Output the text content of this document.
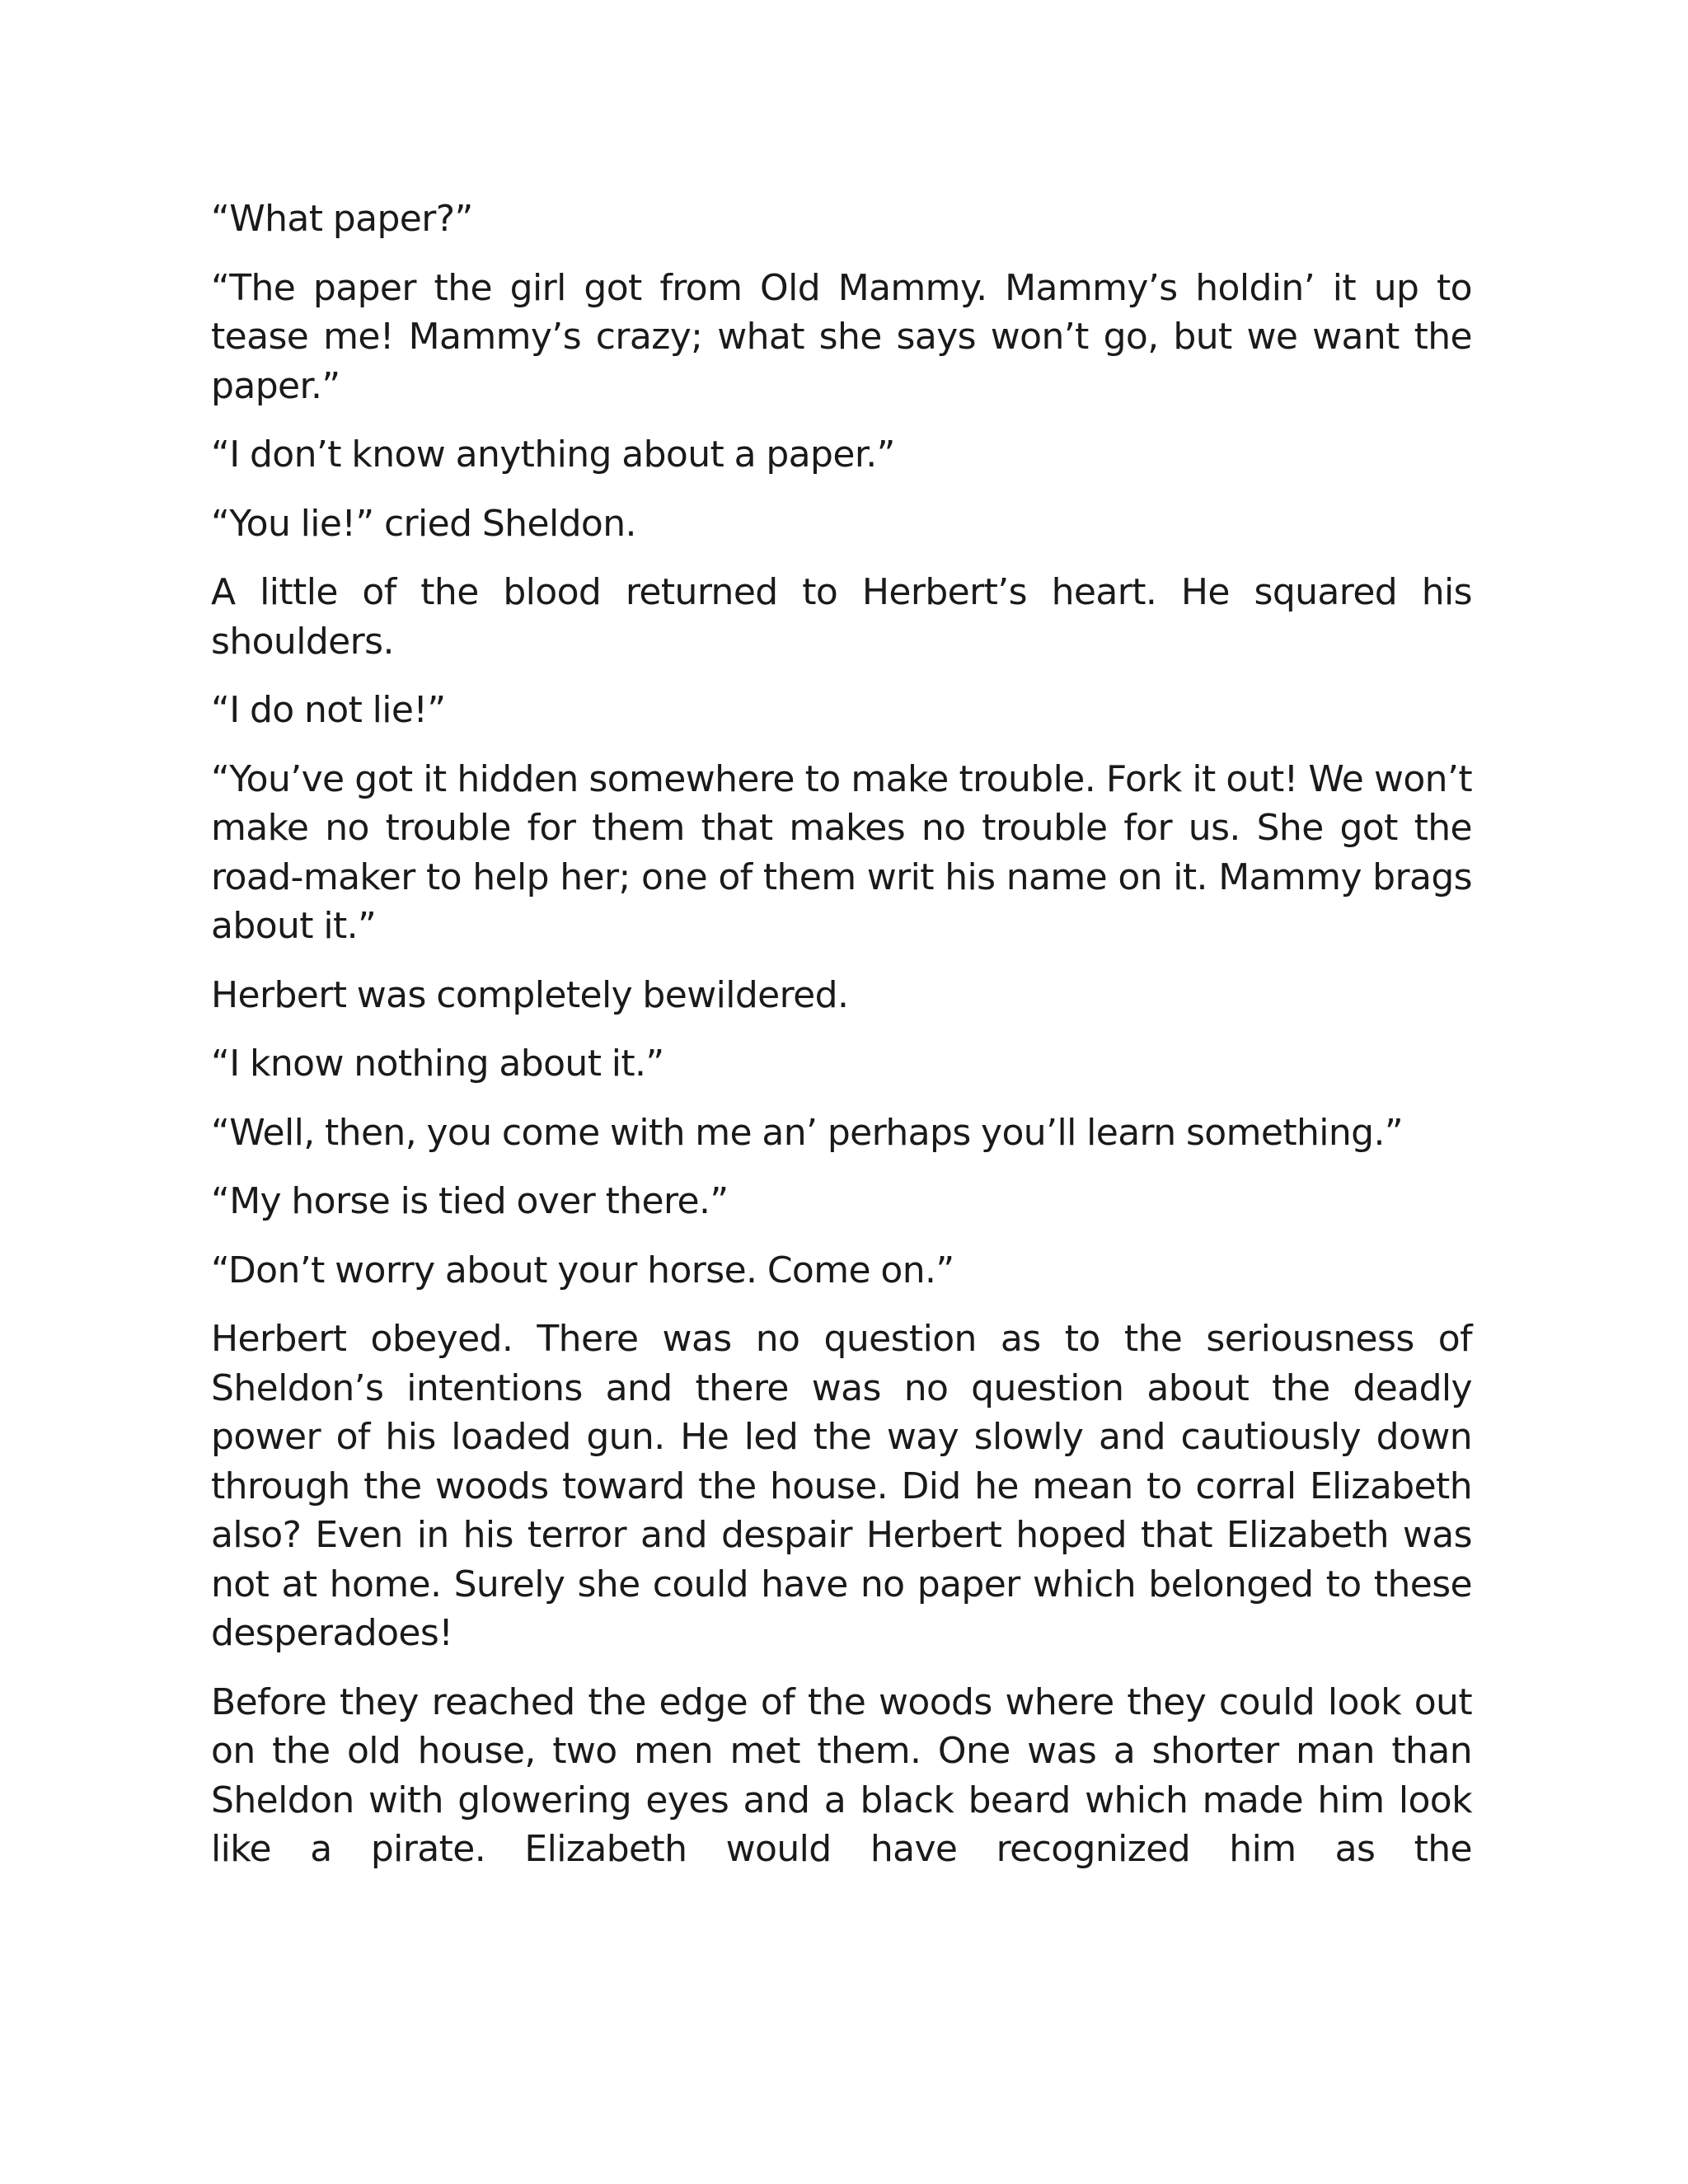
“What paper?”

“The paper the girl got from Old Mammy. Mammy’s holdin’ it up to tease me! Mammy’s crazy; what she says won’t go, but we want the paper.”

“I don’t know anything about a paper.”

“You lie!” cried Sheldon.

A little of the blood returned to Herbert’s heart. He squared his shoulders.

“I do not lie!”

“You’ve got it hidden somewhere to make trouble. Fork it out! We won’t make no trouble for them that makes no trouble for us. She got the road-maker to help her; one of them writ his name on it. Mammy brags about it.”

Herbert was completely bewildered.

“I know nothing about it.”

“Well, then, you come with me an’ perhaps you’ll learn something.”

“My horse is tied over there.”

“Don’t worry about your horse. Come on.”

Herbert obeyed. There was no question as to the seriousness of Sheldon’s intentions and there was no question about the deadly power of his loaded gun. He led the way slowly and cautiously down through the woods toward the house. Did he mean to corral Elizabeth also? Even in his terror and despair Herbert hoped that Elizabeth was not at home. Surely she could have no paper which belonged to these desperadoes!

Before they reached the edge of the woods where they could look out on the old house, two men met them. One was a shorter man than Sheldon with glowering eyes and a black beard which made him look like a pirate. Elizabeth would have recognized him as the
